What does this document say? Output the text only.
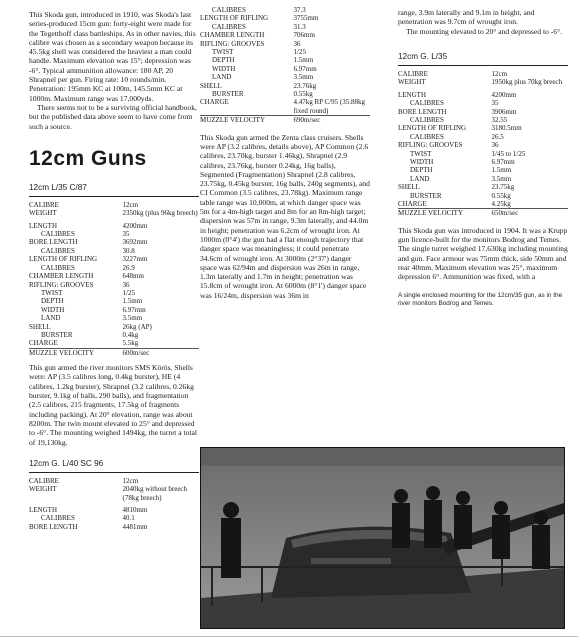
This Skoda gun, introduced in 1910, was Skoda's last series-produced 15cm gun: forty-eight were made for the Tegetthoff class battleships. As in other navies, this calibre was chosen as a secondary weapon because its 45.5kg shell was considered the heaviest a man could handle. Maximum elevation was 15°; depression was -6°. Typical ammunition allowance: 180 AP, 20 Shrapnel per gun. Firing rate: 10 rounds/min. Penetration: 195mm KC at 100m, 145.5mm KC at 1000m. Maximum range was 17,000yds.

There seems not to be a surviving official handbook, but the published data above seem to have come from such a source.

12cm Guns
12cm L/35 C/87
CALIBRE	12cm
WEIGHT	2350kg (plus 96kg breech)

LENGTH	4200mm
CALIBRES	35
BORE LENGTH	3692mm
CALIBRES	30.8
LENGTH OF RIFLING	3227mm
CALIBRES	26.9
CHAMBER LENGTH	648mm
RIFLING: GROOVES	36
TWIST	1/25
DEPTH	1.5mm
WIDTH	6.97mm
LAND	3.5mm
SHELL	26kg (AP)
BURSTER	0.4kg
CHARGE	5.5kg
MUZZLE VELOCITY	600m/sec

This gun armed the river monitors SMS Körös. Shells were: AP (3.5 calibres long, 0.4kg burster), HE (4 calibres, 1.2kg burster), Shrapnel (3.2 calibres, 0.26kg burster, 9.1kg of balls, 290 balls), and fragmentation (2.5 calibres, 215 fragments, 17.5kg of fragments including packing). At 20° elevation, range was about 8200m. The twin mount elevated to 25° and depressed to -6°. The mounting weighed 1494kg, the turret a total of 19,130kg.

12cm G. L/40 SC 96
CALIBRE	12cm
WEIGHT	2040kg without breech (78kg breech)

LENGTH	4810mm
CALIBRES	40.1
BORE LENGTH	4481mm
CALIBRES	37.3
LENGTH OF RIFLING	3755mm
CALIBRES	31.3
CHAMBER LENGTH	706mm
RIFLING: GROOVES	36
TWIST	1/25
DEPTH	1.5mm
WIDTH	6.97mm
LAND	3.5mm
SHELL	23.76kg
BURSTER	0.55kg
CHARGE	4.47kg RP C/95 (35.88kg fixed round)
MUZZLE VELOCITY	690m/sec

This Skoda gun armed the Zenta class cruisers. Shells were AP (3.2 calibres, details above), AP Common (2.6 calibres, 23.70kg, burster 1.46kg), Shrapnel (2.9 calibres, 23.76kg, burster 0.24kg, 16g balls), Segmented (Fragmentation) Shrapnel (2.8 calibres, 23.75kg, 0.45kg burster, 16g balls, 240g segments), and CI Common (3.5 calibres, 23.78kg). Maximum range table range was 10,000m, at which danger space was 5m for a 4m-high target and 8m for an 8m-high target; dispersion was 57m in range, 9.3m laterally, and 44.0m in height; penetration was 6.2cm of wrought iron. At 1000m (0°4') the gun had a flat enough trajectory that danger space was meaningless; it could penetrate 34.6cm of wrought iron. At 3000m (2°37') danger space was 62/94m and dispersion was 26m in range, 1.3m laterally and 1.7m in height; penetration was 15.8cm of wrought iron. At 6000m (8°1') danger space was 16/24m, dispersion was 36m in

range, 3.9m laterally and 9.1m in height, and penetration was 9.7cm of wrought iron.

The mounting elevated to 20° and depressed to -6°.

12cm G. L/35
CALIBRE	12cm
WEIGHT	1950kg plus 70kg breech

LENGTH	4200mm
CALIBRES	35
BORE LENGTH	3906mm
CALIBRES	32.55
LENGTH OF RIFLING	3180.5mm
CALIBRES	26.5
RIFLING: GROOVES	36
TWIST	1/45 to 1/25
WIDTH	6.97mm
DEPTH	1.5mm
LAND	3.5mm
SHELL	23.75kg
BURSTER	0.55kg
CHARGE	4.25kg
MUZZLE VELOCITY	650m/sec

This Skoda gun was introduced in 1904. It was a Krupp gun licence-built for the monitors Bodrog and Temes. The single turret weighed 17,630kg including mounting and gun. Face armour was 75mm thick, side 50mm and rear 40mm. Maximum elevation was 25°, maximum depression 6°. Ammunition was fixed, with a

A single enclosed mounting for the 12cm/35 gun, as in the river monitors Bodrog and Temes.
